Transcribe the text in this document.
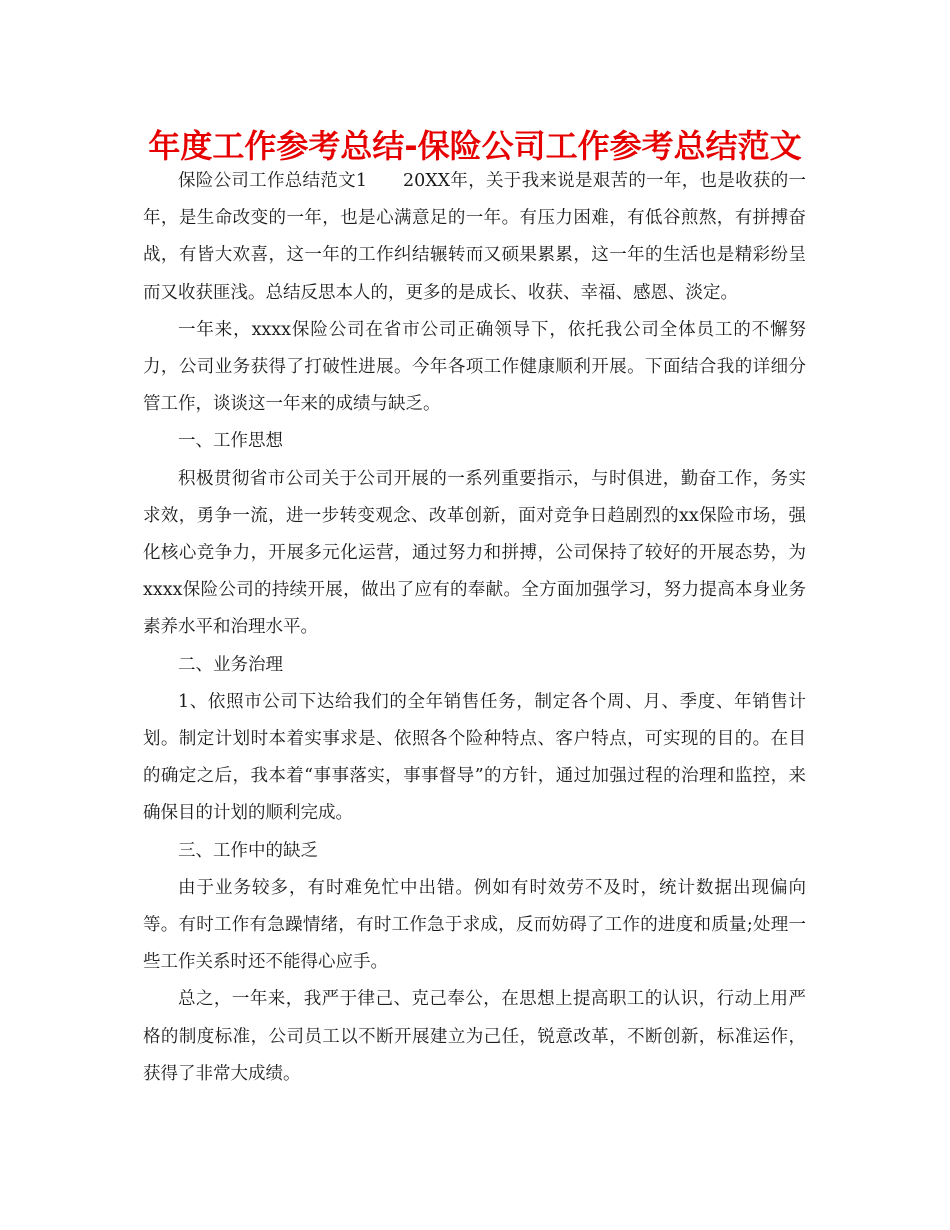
年度工作参考总结-保险公司工作参考总结范文

保险公司工作总结范文1　　20XX年，关于我来说是艰苦的一年，也是收获的一年，是生命改变的一年，也是心满意足的一年。有压力困难，有低谷煎熬，有拼搏奋战，有皆大欢喜，这一年的工作纠结辗转而又硕果累累，这一年的生活也是精彩纷呈而又收获匪浅。总结反思本人的，更多的是成长、收获、幸福、感恩、淡定。

一年来，xxxx保险公司在省市公司正确领导下，依托我公司全体员工的不懈努力，公司业务获得了打破性进展。今年各项工作健康顺利开展。下面结合我的详细分管工作，谈谈这一年来的成绩与缺乏。

一、工作思想

积极贯彻省市公司关于公司开展的一系列重要指示，与时俱进，勤奋工作，务实求效，勇争一流，进一步转变观念、改革创新，面对竞争日趋剧烈的xx保险市场，强化核心竞争力，开展多元化运营，通过努力和拼搏，公司保持了较好的开展态势，为xxxx保险公司的持续开展，做出了应有的奉献。全方面加强学习，努力提高本身业务素养水平和治理水平。

二、业务治理

1、依照市公司下达给我们的全年销售任务，制定各个周、月、季度、年销售计划。制定计划时本着实事求是、依照各个险种特点、客户特点，可实现的目的。在目的确定之后，我本着“事事落实，事事督导”的方针，通过加强过程的治理和监控，来确保目的计划的顺利完成。

三、工作中的缺乏

由于业务较多，有时难免忙中出错。例如有时效劳不及时，统计数据出现偏向等。有时工作有急躁情绪，有时工作急于求成，反而妨碍了工作的进度和质量;处理一些工作关系时还不能得心应手。

总之，一年来，我严于律己、克己奉公，在思想上提高职工的认识，行动上用严格的制度标准，公司员工以不断开展建立为己任，锐意改革，不断创新，标准运作，获得了非常大成绩。
